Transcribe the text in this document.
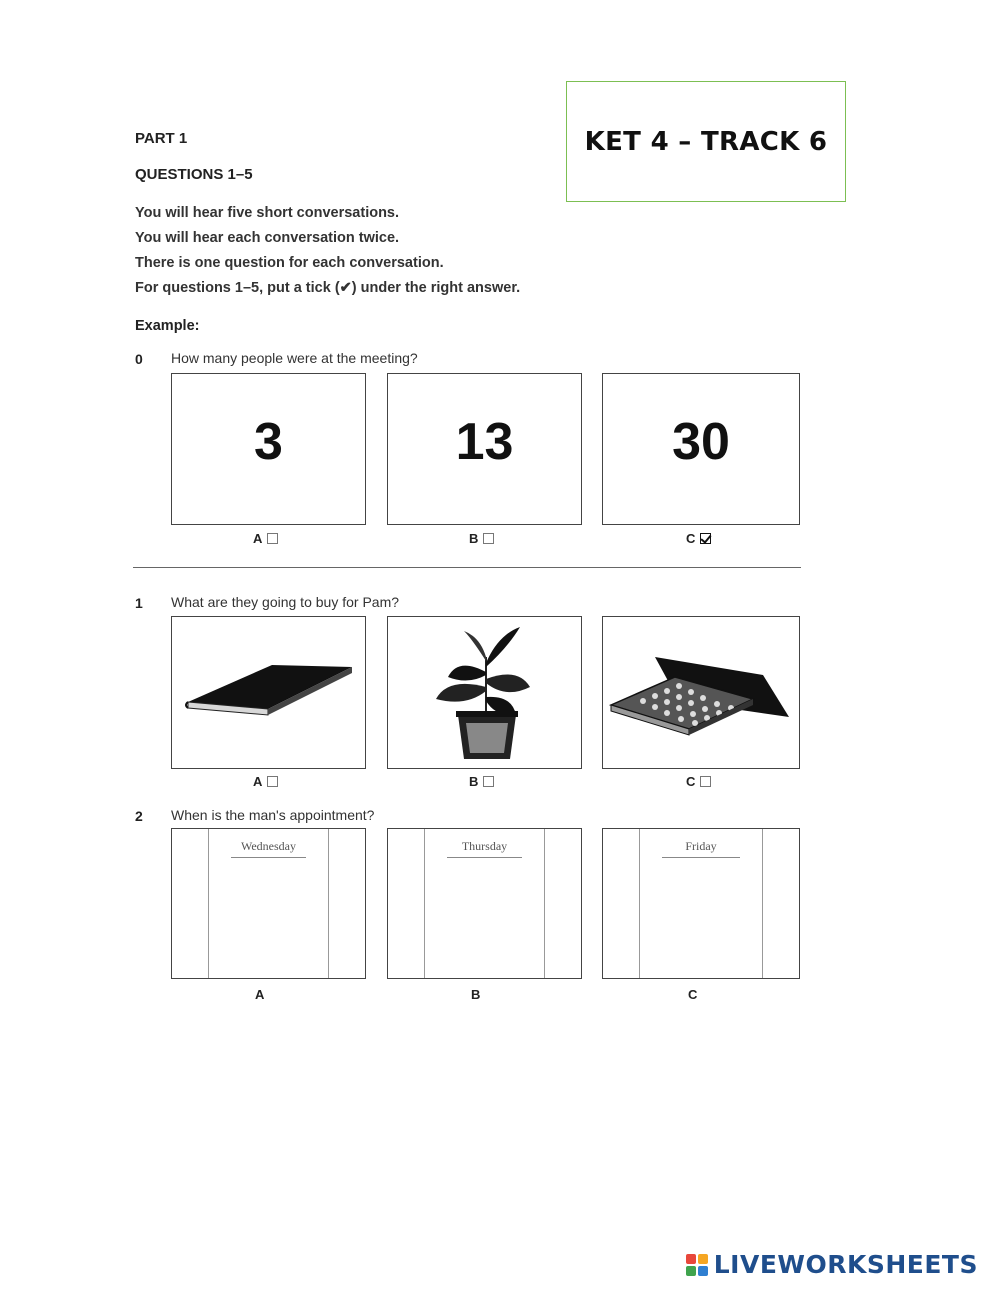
PART 1
QUESTIONS 1–5
KET 4 – TRACK 6
You will hear five short conversations.
You will hear each conversation twice.
There is one question for each conversation.
For questions 1–5, put a tick (✔) under the right answer.
Example:
0 How many people were at the meeting?
3	13	30
A	B	C
1 What are they going to buy for Pam?
A	B	C
2 When is the man's appointment?
Wednesday	Thursday	Friday
A	B	C
LIVEWORKSHEETS
